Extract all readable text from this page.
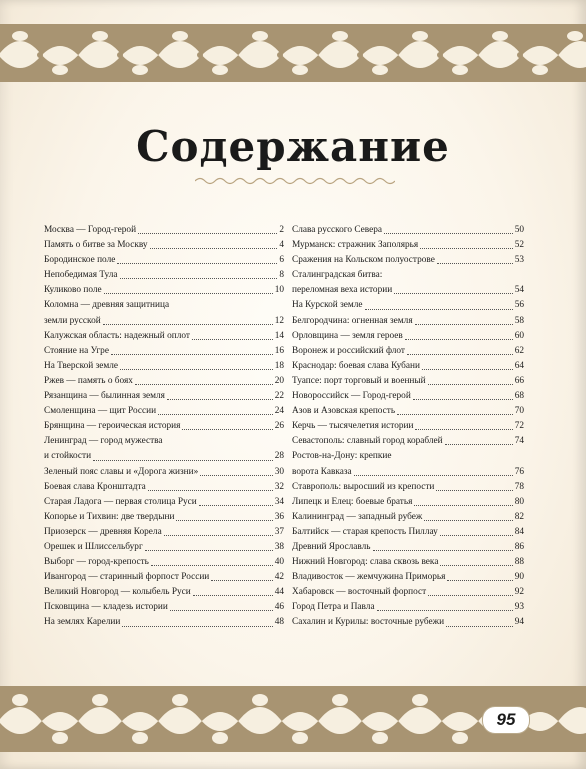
Содержание
Москва — Город-герой	2
Память о битве за Москву	4
Бородинское поле	6
Непобедимая Тула	8
Куликово поле	10
Коломна — древняя защитница
земли русской	12
Калужская область: надежный оплот	14
Стояние на Угре	16
На Тверской земле	18
Ржев — память о боях	20
Рязанщина — былинная земля	22
Смоленщина — щит России	24
Брянщина — героическая история	26
Ленинград — город мужества
и стойкости	28
Зеленый пояс славы и «Дорога жизни»	30
Боевая слава Кронштадта	32
Старая Ладога — первая столица Руси	34
Копорье и Тихвин: две твердыни	36
Приозерск — древняя Корела	37
Орешек и Шлиссельбург	38
Выборг — город-крепость	40
Ивангород — старинный форпост России	42
Великий Новгород — колыбель Руси	44
Псковщина — кладезь истории	46
На землях Карелии	48
Слава русского Севера	50
Мурманск: стражник Заполярья	52
Сражения на Кольском полуострове	53
Сталинградская битва:
переломная веха истории	54
На Курской земле	56
Белгородчина: огненная земля	58
Орловщина — земля героев	60
Воронеж и российский флот	62
Краснодар: боевая слава Кубани	64
Туапсе: порт торговый и военный	66
Новороссийск — Город-герой	68
Азов и Азовская крепость	70
Керчь — тысячелетия истории	72
Севастополь: славный город кораблей	74
Ростов-на-Дону: крепкие
ворота Кавказа	76
Ставрополь: выросший из крепости	78
Липецк и Елец: боевые братья	80
Калининград — западный рубеж	82
Балтийск — старая крепость Пиллау	84
Древний Ярославль	86
Нижний Новгород: слава сквозь века	88
Владивосток — жемчужина Приморья	90
Хабаровск — восточный форпост	92
Город Петра и Павла	93
Сахалин и Курилы: восточные рубежи	94
95
